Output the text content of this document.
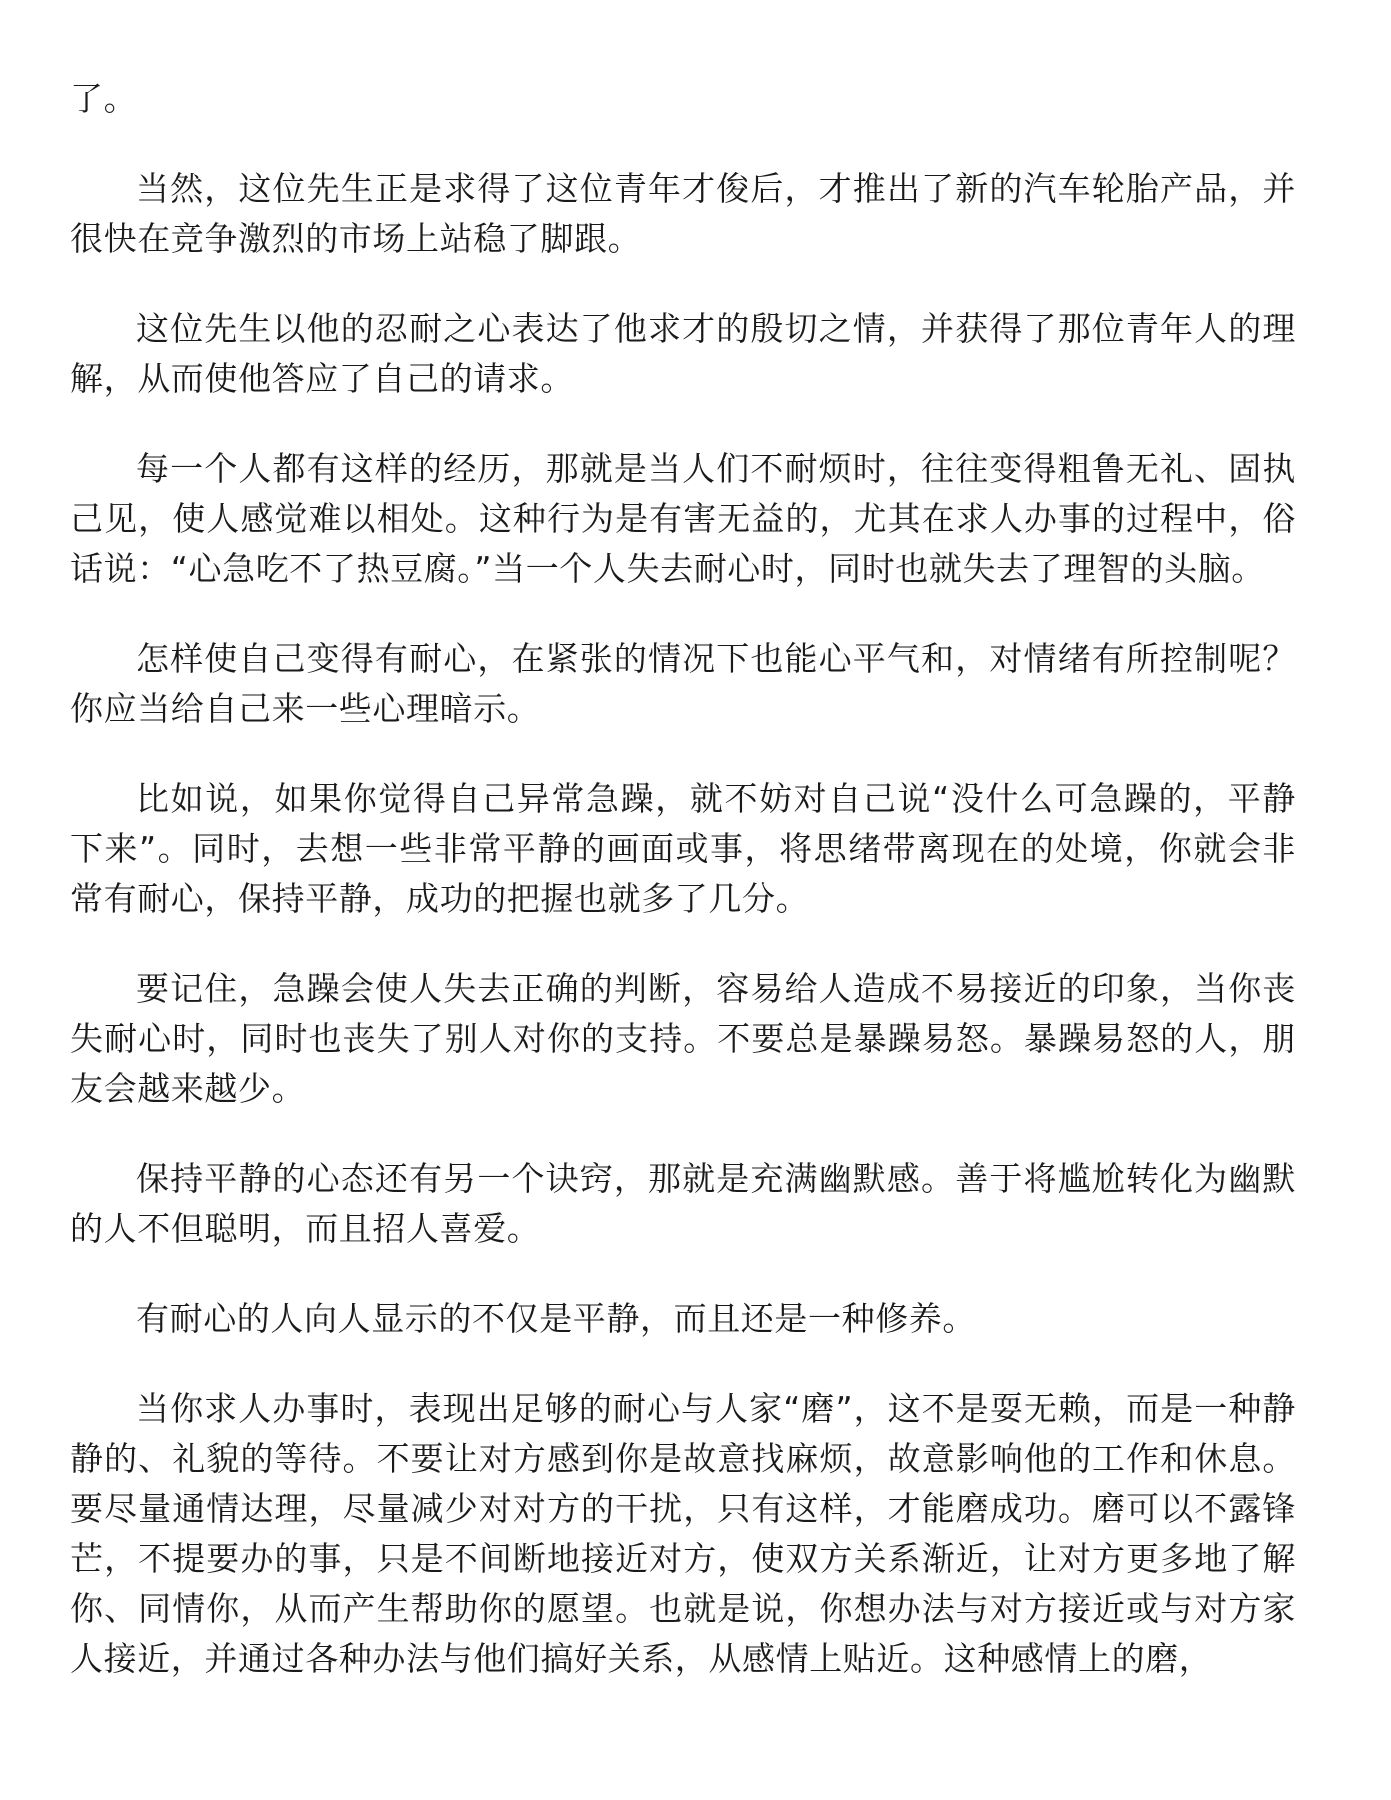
了。

当然，这位先生正是求得了这位青年才俊后，才推出了新的汽车轮胎产品，并很快在竞争激烈的市场上站稳了脚跟。

这位先生以他的忍耐之心表达了他求才的殷切之情，并获得了那位青年人的理解，从而使他答应了自己的请求。

每一个人都有这样的经历，那就是当人们不耐烦时，往往变得粗鲁无礼、固执己见，使人感觉难以相处。这种行为是有害无益的，尤其在求人办事的过程中，俗话说：“心急吃不了热豆腐。”当一个人失去耐心时，同时也就失去了理智的头脑。

怎样使自己变得有耐心，在紧张的情况下也能心平气和，对情绪有所控制呢？你应当给自己来一些心理暗示。

比如说，如果你觉得自己异常急躁，就不妨对自己说“没什么可急躁的，平静下来”。同时，去想一些非常平静的画面或事，将思绪带离现在的处境，你就会非常有耐心，保持平静，成功的把握也就多了几分。

要记住，急躁会使人失去正确的判断，容易给人造成不易接近的印象，当你丧失耐心时，同时也丧失了别人对你的支持。不要总是暴躁易怒。暴躁易怒的人，朋友会越来越少。

保持平静的心态还有另一个诀窍，那就是充满幽默感。善于将尴尬转化为幽默的人不但聪明，而且招人喜爱。

有耐心的人向人显示的不仅是平静，而且还是一种修养。

当你求人办事时，表现出足够的耐心与人家“磨”，这不是耍无赖，而是一种静静的、礼貌的等待。不要让对方感到你是故意找麻烦，故意影响他的工作和休息。要尽量通情达理，尽量减少对对方的干扰，只有这样，才能磨成功。磨可以不露锋芒，不提要办的事，只是不间断地接近对方，使双方关系渐近，让对方更多地了解你、同情你，从而产生帮助你的愿望。也就是说，你想办法与对方接近或与对方家人接近，并通过各种办法与他们搞好关系，从感情上贴近。这种感情上的磨，
